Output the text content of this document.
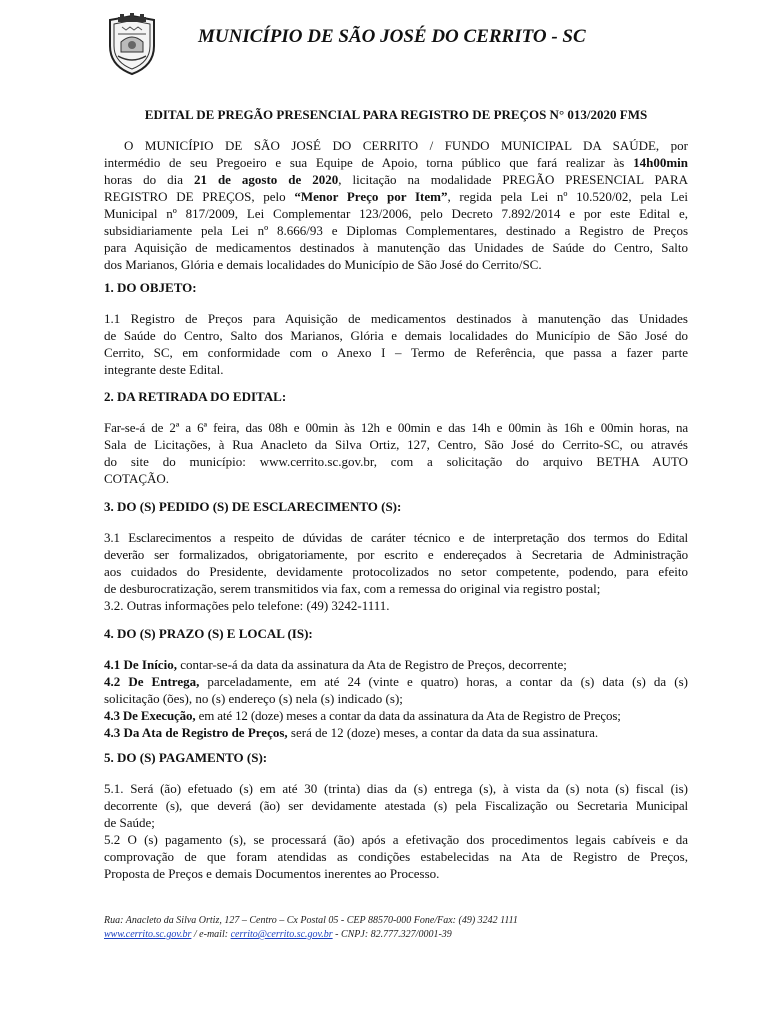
MUNICÍPIO DE SÃO JOSÉ DO CERRITO - SC
EDITAL DE PREGÃO PRESENCIAL PARA REGISTRO DE PREÇOS N° 013/2020 FMS
O MUNICÍPIO DE SÃO JOSÉ DO CERRITO / FUNDO MUNICIPAL DA SAÚDE, por
intermédio de seu Pregoeiro e sua Equipe de Apoio, torna público que fará realizar às 14h00min
horas do dia 21 de agosto de 2020, licitação na modalidade PREGÃO PRESENCIAL PARA
REGISTRO DE PREÇOS, pelo “Menor Preço por Item”, regida pela Lei nº 10.520/02, pela Lei
Municipal nº 817/2009, Lei Complementar 123/2006, pelo Decreto 7.892/2014 e por este Edital e,
subsidiariamente pela Lei nº 8.666/93 e Diplomas Complementares, destinado a Registro de Preços
para Aquisição de medicamentos destinados à manutenção das Unidades de Saúde do Centro, Salto
dos Marianos, Glória e demais localidades do Município de São José do Cerrito/SC.
1. DO OBJETO:
1.1 Registro de Preços para Aquisição de medicamentos destinados à manutenção das Unidades
de Saúde do Centro, Salto dos Marianos, Glória e demais localidades do Município de São José do
Cerrito, SC, em conformidade com o Anexo I – Termo de Referência, que passa a fazer parte
integrante deste Edital.
2. DA RETIRADA DO EDITAL:
Far-se-á de 2ª a 6ª feira, das 08h e 00min às 12h e 00min e das 14h e 00min às 16h e 00min horas, na
Sala de Licitações, à Rua Anacleto da Silva Ortiz, 127, Centro, São José do Cerrito-SC, ou através
do site do município: www.cerrito.sc.gov.br, com a solicitação do arquivo BETHA AUTO
COTAÇÃO.
3. DO (S) PEDIDO (S) DE ESCLARECIMENTO (S):
3.1 Esclarecimentos a respeito de dúvidas de caráter técnico e de interpretação dos termos do Edital
deverão ser formalizados, obrigatoriamente, por escrito e endereçados à Secretaria de Administração
aos cuidados do Presidente, devidamente protocolizados no setor competente, podendo, para efeito
de desburocratização, serem transmitidos via fax, com a remessa do original via registro postal;
3.2. Outras informações pelo telefone: (49) 3242-1111.
4. DO (S) PRAZO (S) E LOCAL (IS):
4.1 De Início, contar-se-á da data da assinatura da Ata de Registro de Preços, decorrente;
4.2 De Entrega, parceladamente, em até 24 (vinte e quatro) horas, a contar da (s) data (s) da (s)
solicitação (ões), no (s) endereço (s) nela (s) indicado (s);
4.3 De Execução, em até 12 (doze) meses a contar da data da assinatura da Ata de Registro de Preços;
4.3 Da Ata de Registro de Preços, será de 12 (doze) meses, a contar da data da sua assinatura.
5. DO (S) PAGAMENTO (S):
5.1. Será (ão) efetuado (s) em até 30 (trinta) dias da (s) entrega (s), à vista da (s) nota (s) fiscal (is)
decorrente (s), que deverá (ão) ser devidamente atestada (s) pela Fiscalização ou Secretaria Municipal
de Saúde;
5.2 O (s) pagamento (s), se processará (ão) após a efetivação dos procedimentos legais cabíveis e da
comprovação de que foram atendidas as condições estabelecidas na Ata de Registro de Preços,
Proposta de Preços e demais Documentos inerentes ao Processo.
Rua: Anacleto da Silva Ortiz, 127 – Centro – Cx Postal 05 - CEP 88570-000 Fone/Fax: (49) 3242 1111
www.cerrito.sc.gov.br / e-mail: cerrito@cerrito.sc.gov.br - CNPJ: 82.777.327/0001-39
